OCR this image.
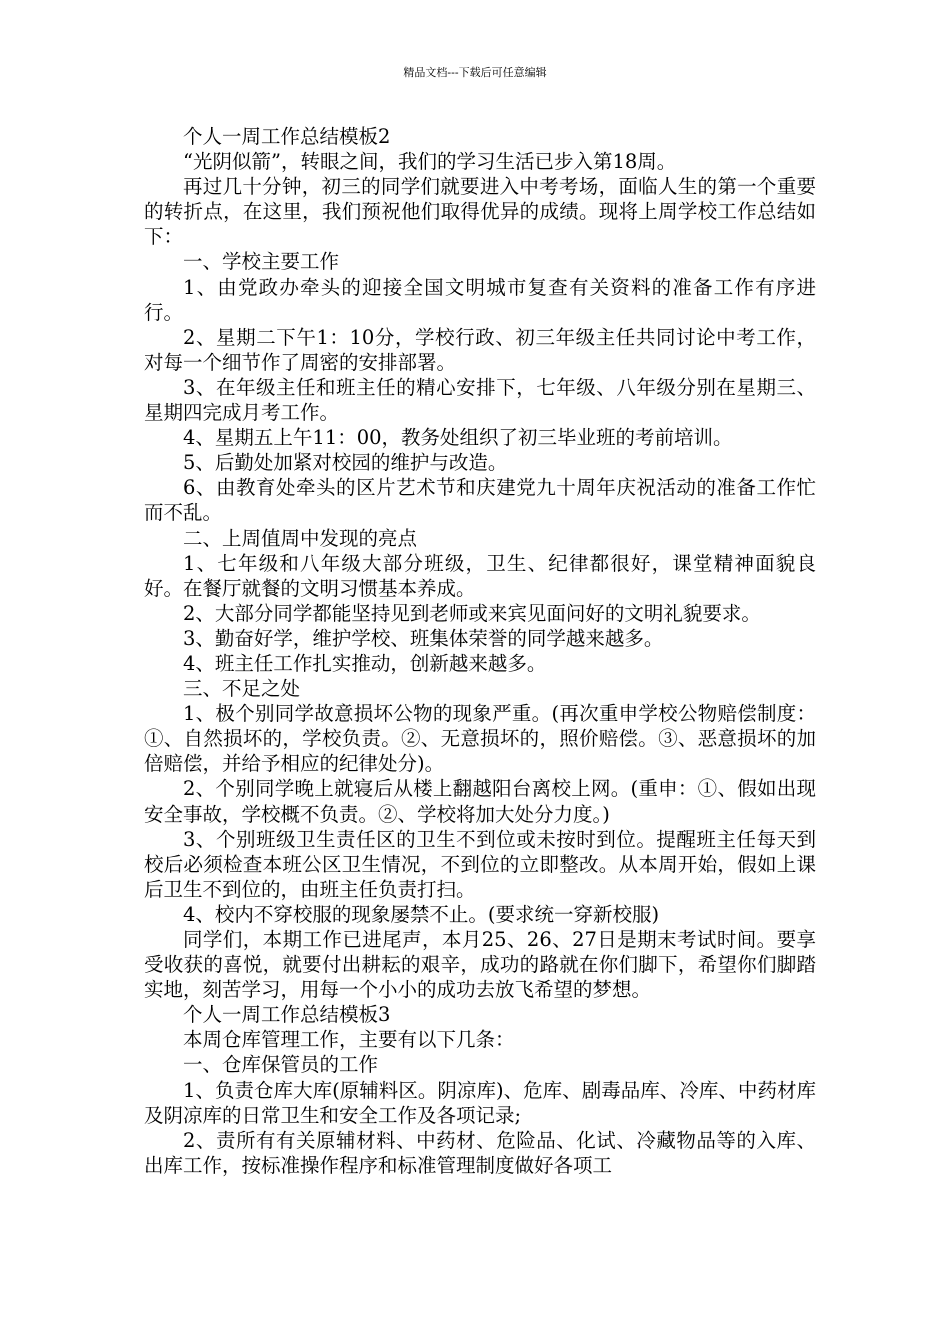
精品文档---下载后可任意编辑

个人一周工作总结模板2

“光阴似箭”，转眼之间，我们的学习生活已步入第18周。

再过几十分钟，初三的同学们就要进入中考考场，面临人生的第一个重要的转折点，在这里，我们预祝他们取得优异的成绩。现将上周学校工作总结如下：

一、学校主要工作

1、由党政办牵头的迎接全国文明城市复查有关资料的准备工作有序进行。

2、星期二下午1：10分，学校行政、初三年级主任共同讨论中考工作，对每一个细节作了周密的安排部署。

3、在年级主任和班主任的精心安排下，七年级、八年级分别在星期三、星期四完成月考工作。

4、星期五上午11：00，教务处组织了初三毕业班的考前培训。

5、后勤处加紧对校园的维护与改造。

6、由教育处牵头的区片艺术节和庆建党九十周年庆祝活动的准备工作忙而不乱。

二、上周值周中发现的亮点

1、七年级和八年级大部分班级，卫生、纪律都很好，课堂精神面貌良好。在餐厅就餐的文明习惯基本养成。

2、大部分同学都能坚持见到老师或来宾见面问好的文明礼貌要求。

3、勤奋好学，维护学校、班集体荣誉的同学越来越多。

4、班主任工作扎实推动，创新越来越多。

三、不足之处

1、极个别同学故意损坏公物的现象严重。(再次重申学校公物赔偿制度：①、自然损坏的，学校负责。②、无意损坏的，照价赔偿。③、恶意损坏的加倍赔偿，并给予相应的纪律处分)。

2、个别同学晚上就寝后从楼上翻越阳台离校上网。(重申：①、假如出现安全事故，学校概不负责。②、学校将加大处分力度。)

3、个别班级卫生责任区的卫生不到位或未按时到位。提醒班主任每天到校后必须检查本班公区卫生情况，不到位的立即整改。从本周开始，假如上课后卫生不到位的，由班主任负责打扫。

4、校内不穿校服的现象屡禁不止。(要求统一穿新校服)

同学们，本期工作已进尾声，本月25、26、27日是期末考试时间。要享受收获的喜悦，就要付出耕耘的艰辛，成功的路就在你们脚下，希望你们脚踏实地，刻苦学习，用每一个小小的成功去放飞希望的梦想。

个人一周工作总结模板3

本周仓库管理工作，主要有以下几条：

一、仓库保管员的工作

1、负责仓库大库(原辅料区。阴凉库)、危库、剧毒品库、冷库、中药材库及阴凉库的日常卫生和安全工作及各项记录;

2、责所有有关原辅材料、中药材、危险品、化试、冷藏物品等的入库、出库工作，按标准操作程序和标准管理制度做好各项工
